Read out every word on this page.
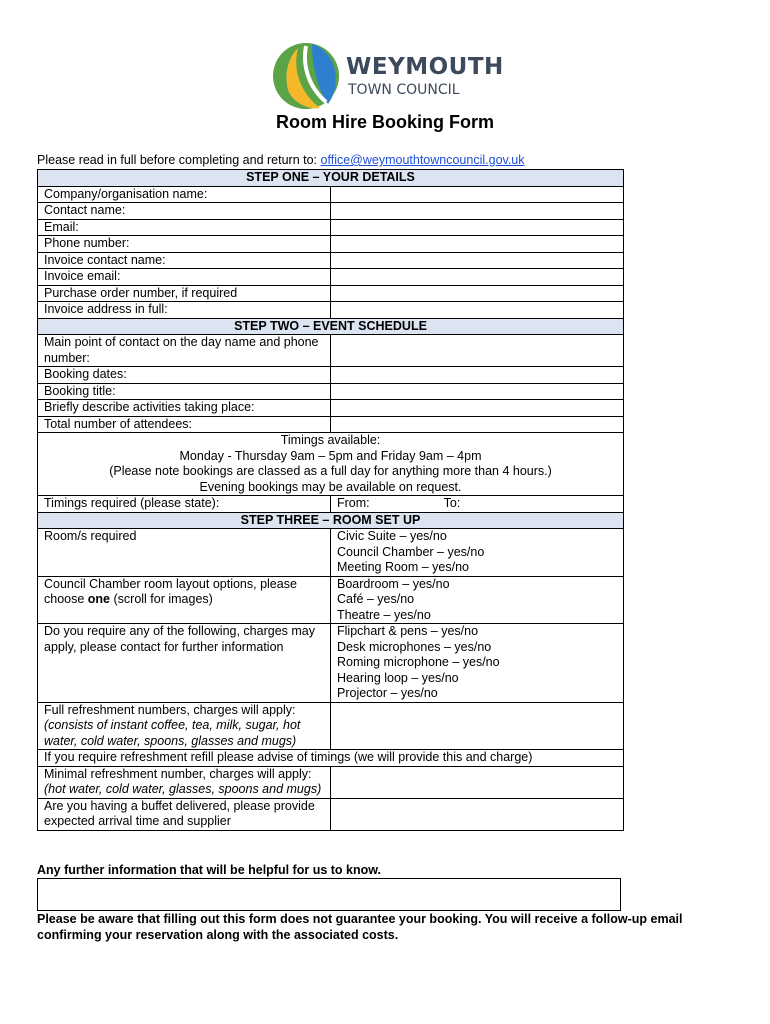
WEYMOUTH
TOWN COUNCIL
Room Hire Booking Form
Please read in full before completing and return to: office@weymouthtowncouncil.gov.uk
STEP ONE – YOUR DETAILS	
Company/organisation name:	
Contact name:	
Email:	
Phone number:	
Invoice contact name:	
Invoice email:	
Purchase order number, if required	
Invoice address in full:	
STEP TWO – EVENT SCHEDULE	
Main point of contact on the day name and phone number:	
Booking dates:	
Booking title:	
Briefly describe activities taking place:	
Total number of attendees:	

Timings available:
Monday - Thursday 9am – 5pm and Friday 9am – 4pm
(Please note bookings are classed as a full day for anything more than 4 hours.)
Evening bookings may be available on request.	

Timings required (please state):	From: To:
STEP THREE – ROOM SET UP	
Room/s required	Civic Suite – yes/no
Council Chamber – yes/no
Meeting Room – yes/no

Council Chamber room layout options, please choose one (scroll for images)	Boardroom – yes/no
Café – yes/no
Theatre – yes/no

Do you require any of the following, charges may apply, please contact for further information	Flipchart & pens – yes/no
Desk microphones – yes/no
Roming microphone – yes/no
Hearing loop – yes/no
Projector – yes/no

Full refreshment numbers, charges will apply: (consists of instant coffee, tea, milk, sugar, hot water, cold water, spoons, glasses and mugs)	
If you require refreshment refill please advise of timings (we will provide this and charge)	
Minimal refreshment number, charges will apply: (hot water, cold water, glasses, spoons and mugs)	
Are you having a buffet delivered, please provide expected arrival time and supplier	
Any further information that will be helpful for us to know.
Please be aware that filling out this form does not guarantee your booking. You will receive a follow-up email confirming your reservation along with the associated costs.
